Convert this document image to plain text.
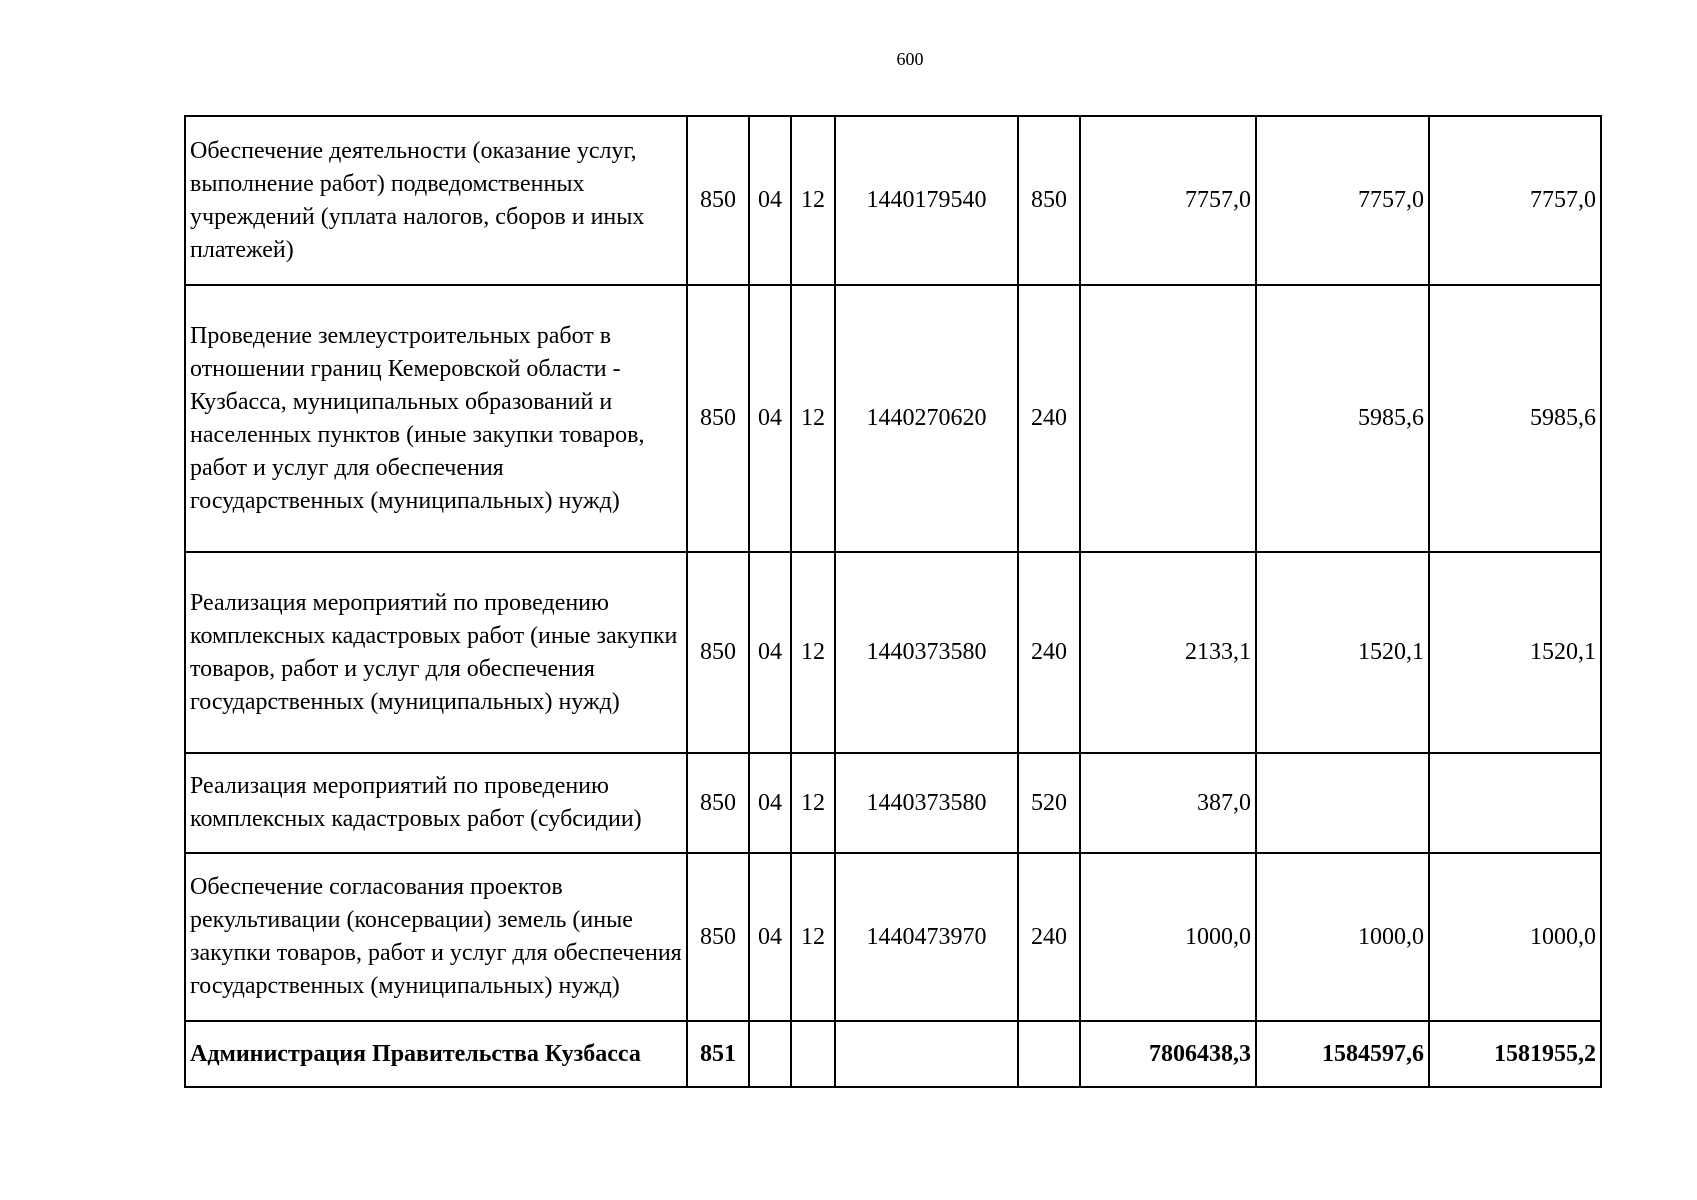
600
Обеспечение деятельности (оказание услуг, выполнение работ) подведомственных учреждений (уплата налогов, сборов и иных платежей)	850	04	12	1440179540	850	7757,0	7757,0	7757,0
Проведение землеустроительных работ в отношении границ Кемеровской области - Кузбасса, муниципальных образований и населенных пунктов (иные закупки товаров, работ и услуг для обеспечения государственных (муниципальных) нужд)	850	04	12	1440270620	240		5985,6	5985,6
Реализация мероприятий по проведению комплексных кадастровых работ (иные закупки товаров, работ и услуг для обеспечения государственных (муниципальных) нужд)	850	04	12	1440373580	240	2133,1	1520,1	1520,1
Реализация мероприятий по проведению комплексных кадастровых работ (субсидии)	850	04	12	1440373580	520	387,0		
Обеспечение согласования проектов рекультивации (консервации) земель (иные закупки товаров, работ и услуг для обеспечения государственных (муниципальных) нужд)	850	04	12	1440473970	240	1000,0	1000,0	1000,0
Администрация Правительства Кузбасса	851					7806438,3	1584597,6	1581955,2
